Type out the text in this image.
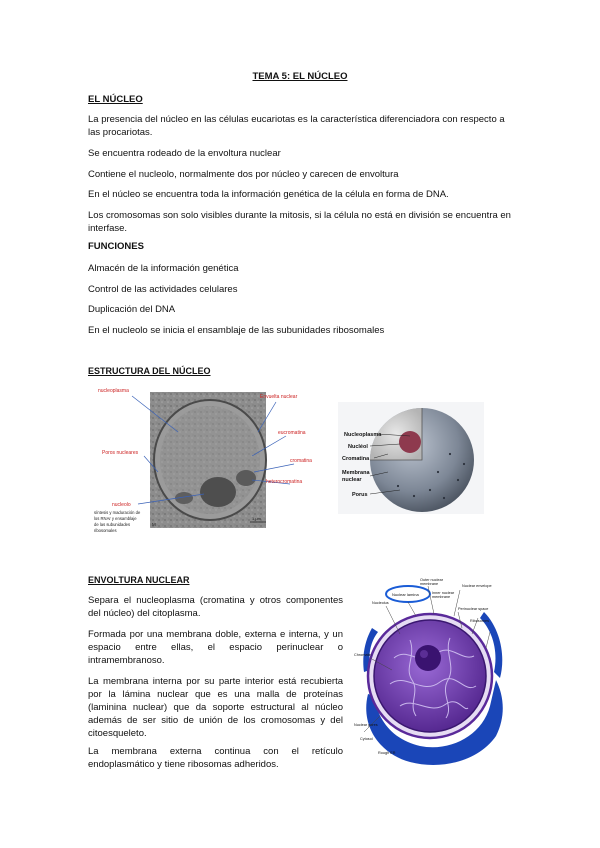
TEMA 5: EL NÚCLEO
EL NÚCLEO
La presencia del núcleo en las células eucariotas es la característica diferenciadora con respecto a las procariotas.
Se encuentra rodeado de la envoltura nuclear
Contiene el nucleolo, normalmente dos por núcleo y carecen de envoltura
En el núcleo se encuentra toda la información genética de la célula en forma de DNA.
Los cromosomas son solo visibles durante la mitosis, si la célula no está en división se encuentra en interfase.
FUNCIONES
Almacén de la información genética
Control de las actividades celulares
Duplicación del DNA
En el nucleolo se inicia el ensamblaje de las subunidades ribosomales
ESTRUCTURA DEL NÚCLEO
nucleoplasma
Envuelta nuclear
Poros nucleares
eucromatina
cromatina
heterocromatina
nucleolo
síntesis y maduración de
los RNAr y ensamblaje
de las subunidades
ribosomales
M
1 μm
Nucleoplasma
Nucléol
Cromatina
Membrana
nuclear
Porus
ENVOLTURA NUCLEAR
Separa el nucleoplasma (cromatina y otros componentes del núcleo) del citoplasma.
Formada por una membrana doble, externa e interna, y un espacio entre ellas, el espacio perinuclear o intramembranoso.
La membrana interna por su parte interior está recubierta por la lámina nuclear que es una malla de proteínas (laminina nuclear) que da soporte estructural al núcleo además de ser sitio de unión de los cromosomas y del citoesqueleto.
La membrana externa continua con el retículo endoplasmático y tiene ribosomas adheridos.
Outer nuclear
membrane
Nuclear lamina
Nuclear envelope
Inner nuclear
membrane
Nucleolus
Perinuclear space
Ribosomes
Chromatin
Nuclear pores
Cytosol
Rough ER
